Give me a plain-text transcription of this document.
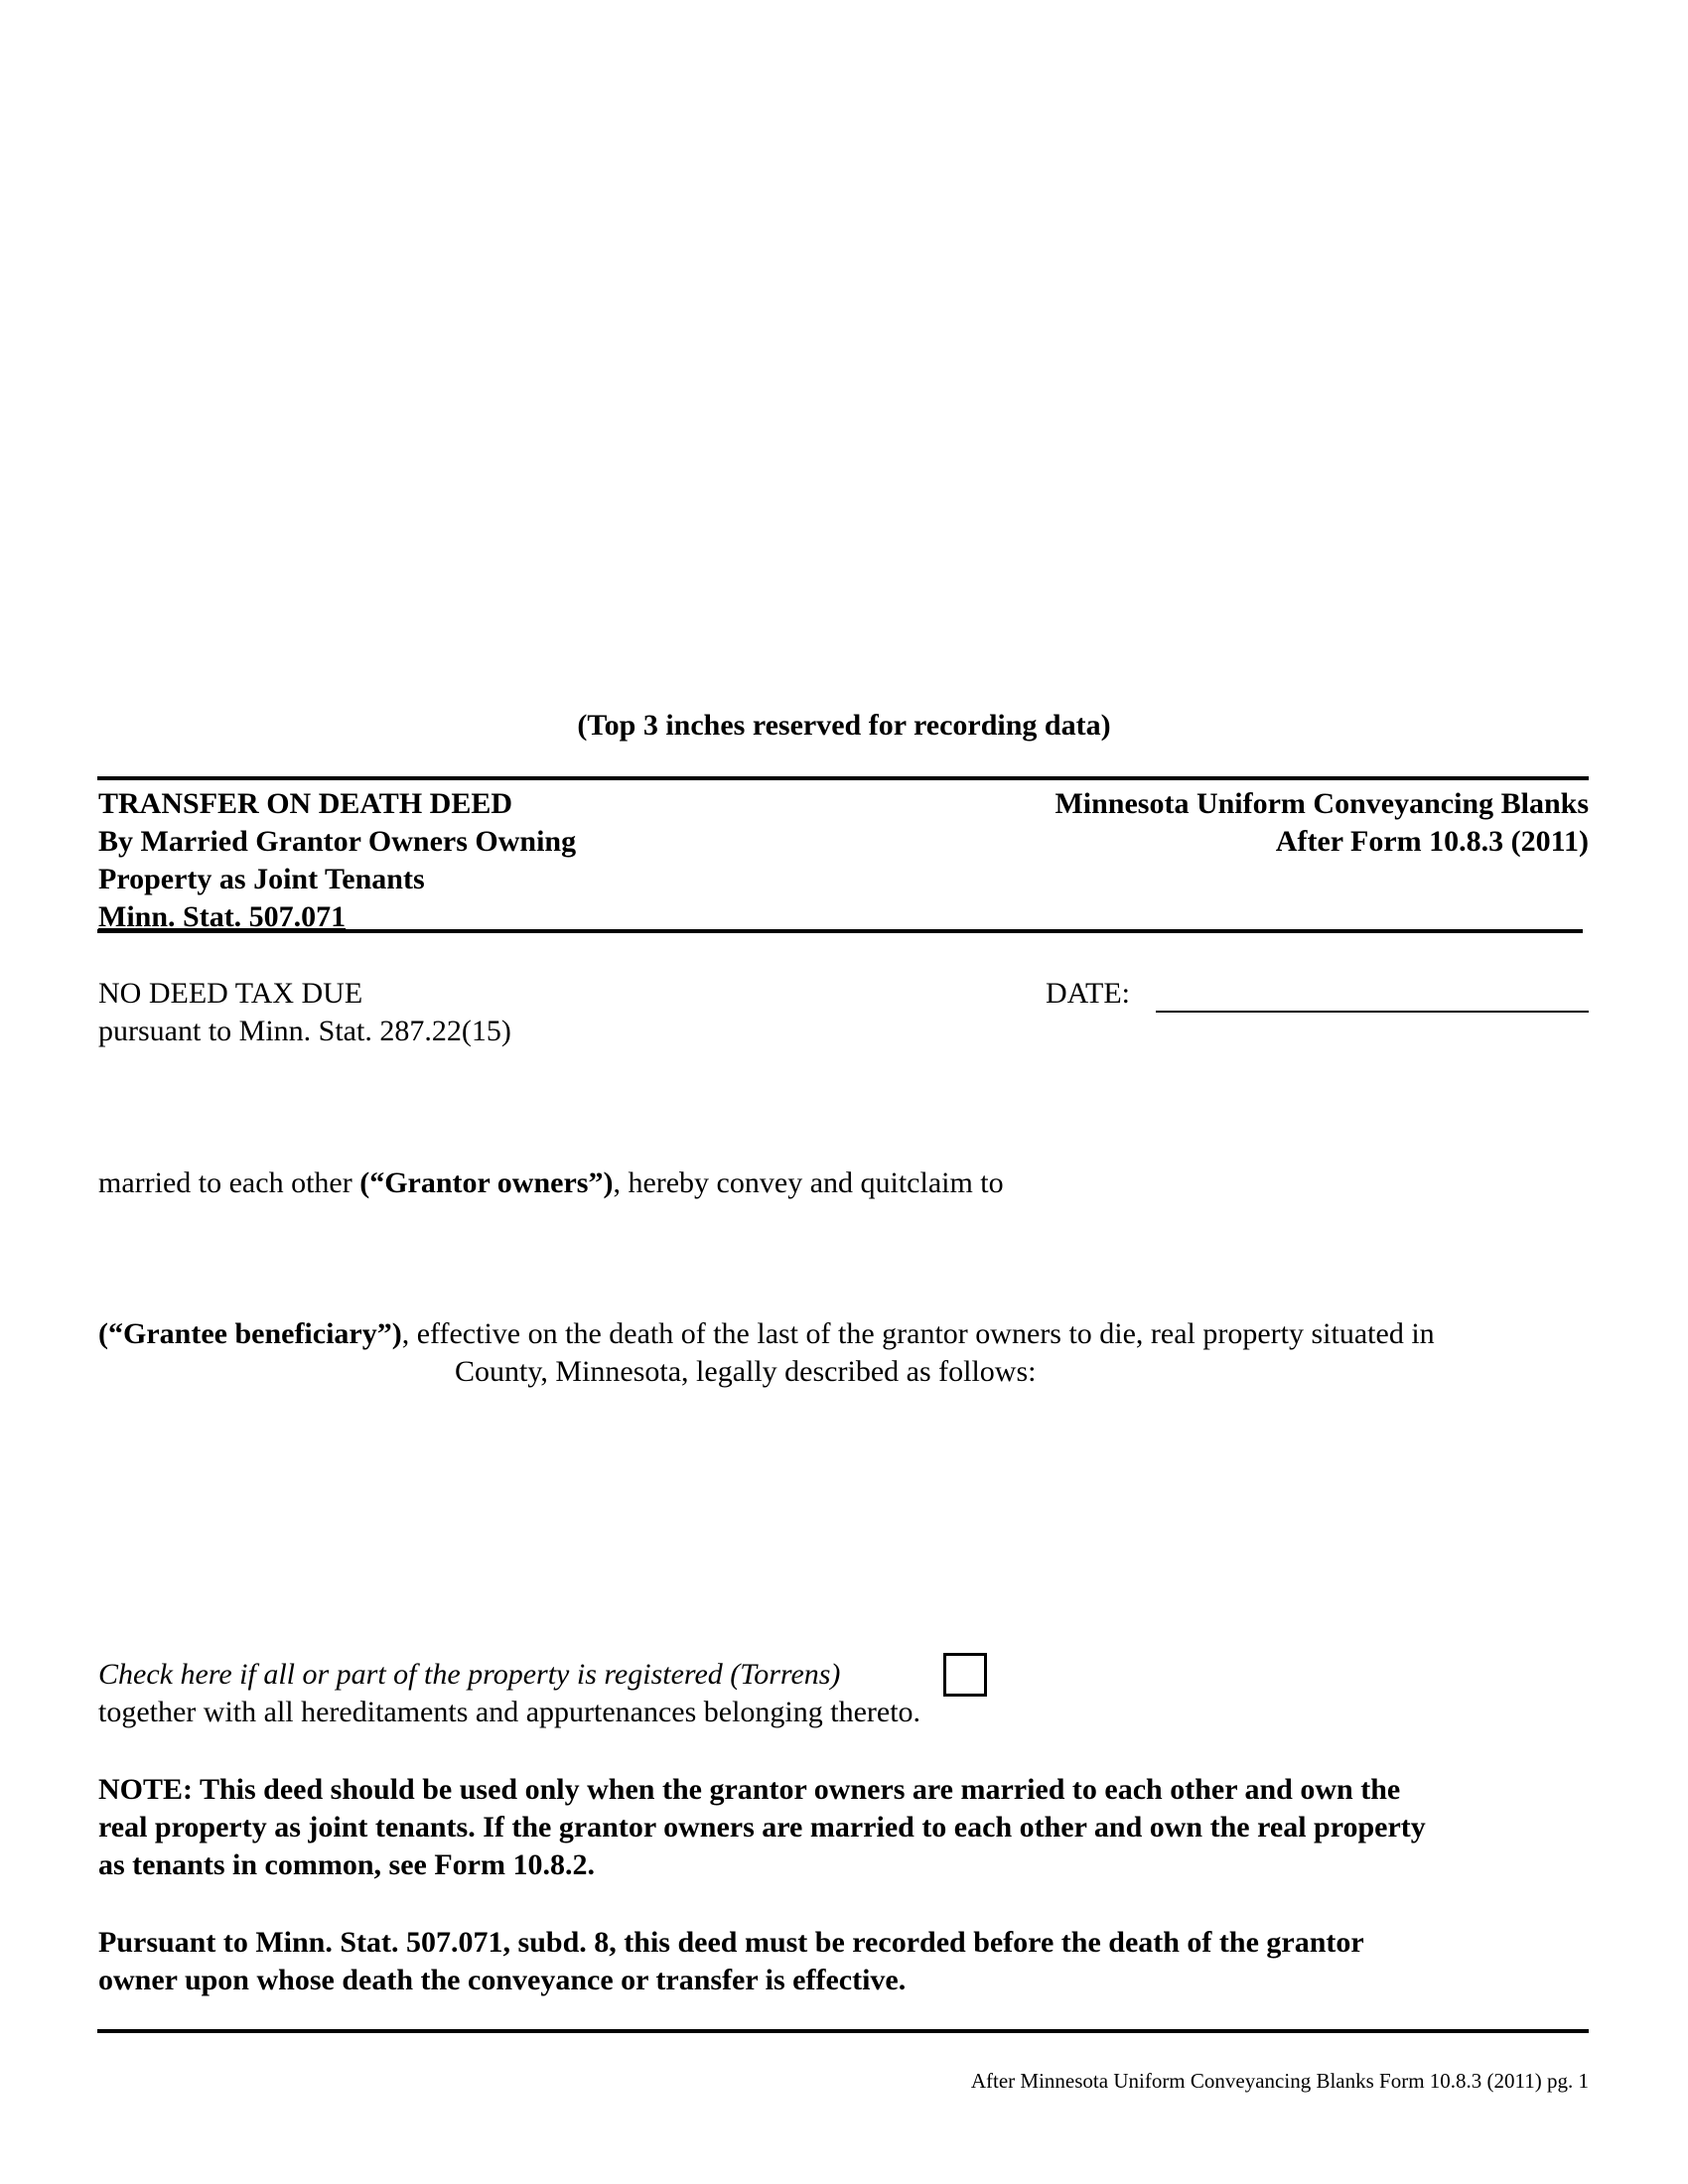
(Top 3 inches reserved for recording data)
TRANSFER ON DEATH DEED
By Married Grantor Owners Owning
Property as Joint Tenants
Minn. Stat. 507.071
Minnesota Uniform Conveyancing Blanks
After Form 10.8.3 (2011)
NO DEED TAX DUE
pursuant to Minn. Stat. 287.22(15)
DATE:
married to each other (“Grantor owners”), hereby convey and quitclaim to
(“Grantee beneficiary”), effective on the death of the last of the grantor owners to die, real property situated in
County, Minnesota, legally described as follows:
Check here if all or part of the property is registered (Torrens)
together with all hereditaments and appurtenances belonging thereto.
NOTE: This deed should be used only when the grantor owners are married to each other and own the
real property as joint tenants. If the grantor owners are married to each other and own the real property
as tenants in common, see Form 10.8.2.
Pursuant to Minn. Stat. 507.071, subd. 8, this deed must be recorded before the death of the grantor
owner upon whose death the conveyance or transfer is effective.
After Minnesota Uniform Conveyancing Blanks Form 10.8.3 (2011) pg. 1
